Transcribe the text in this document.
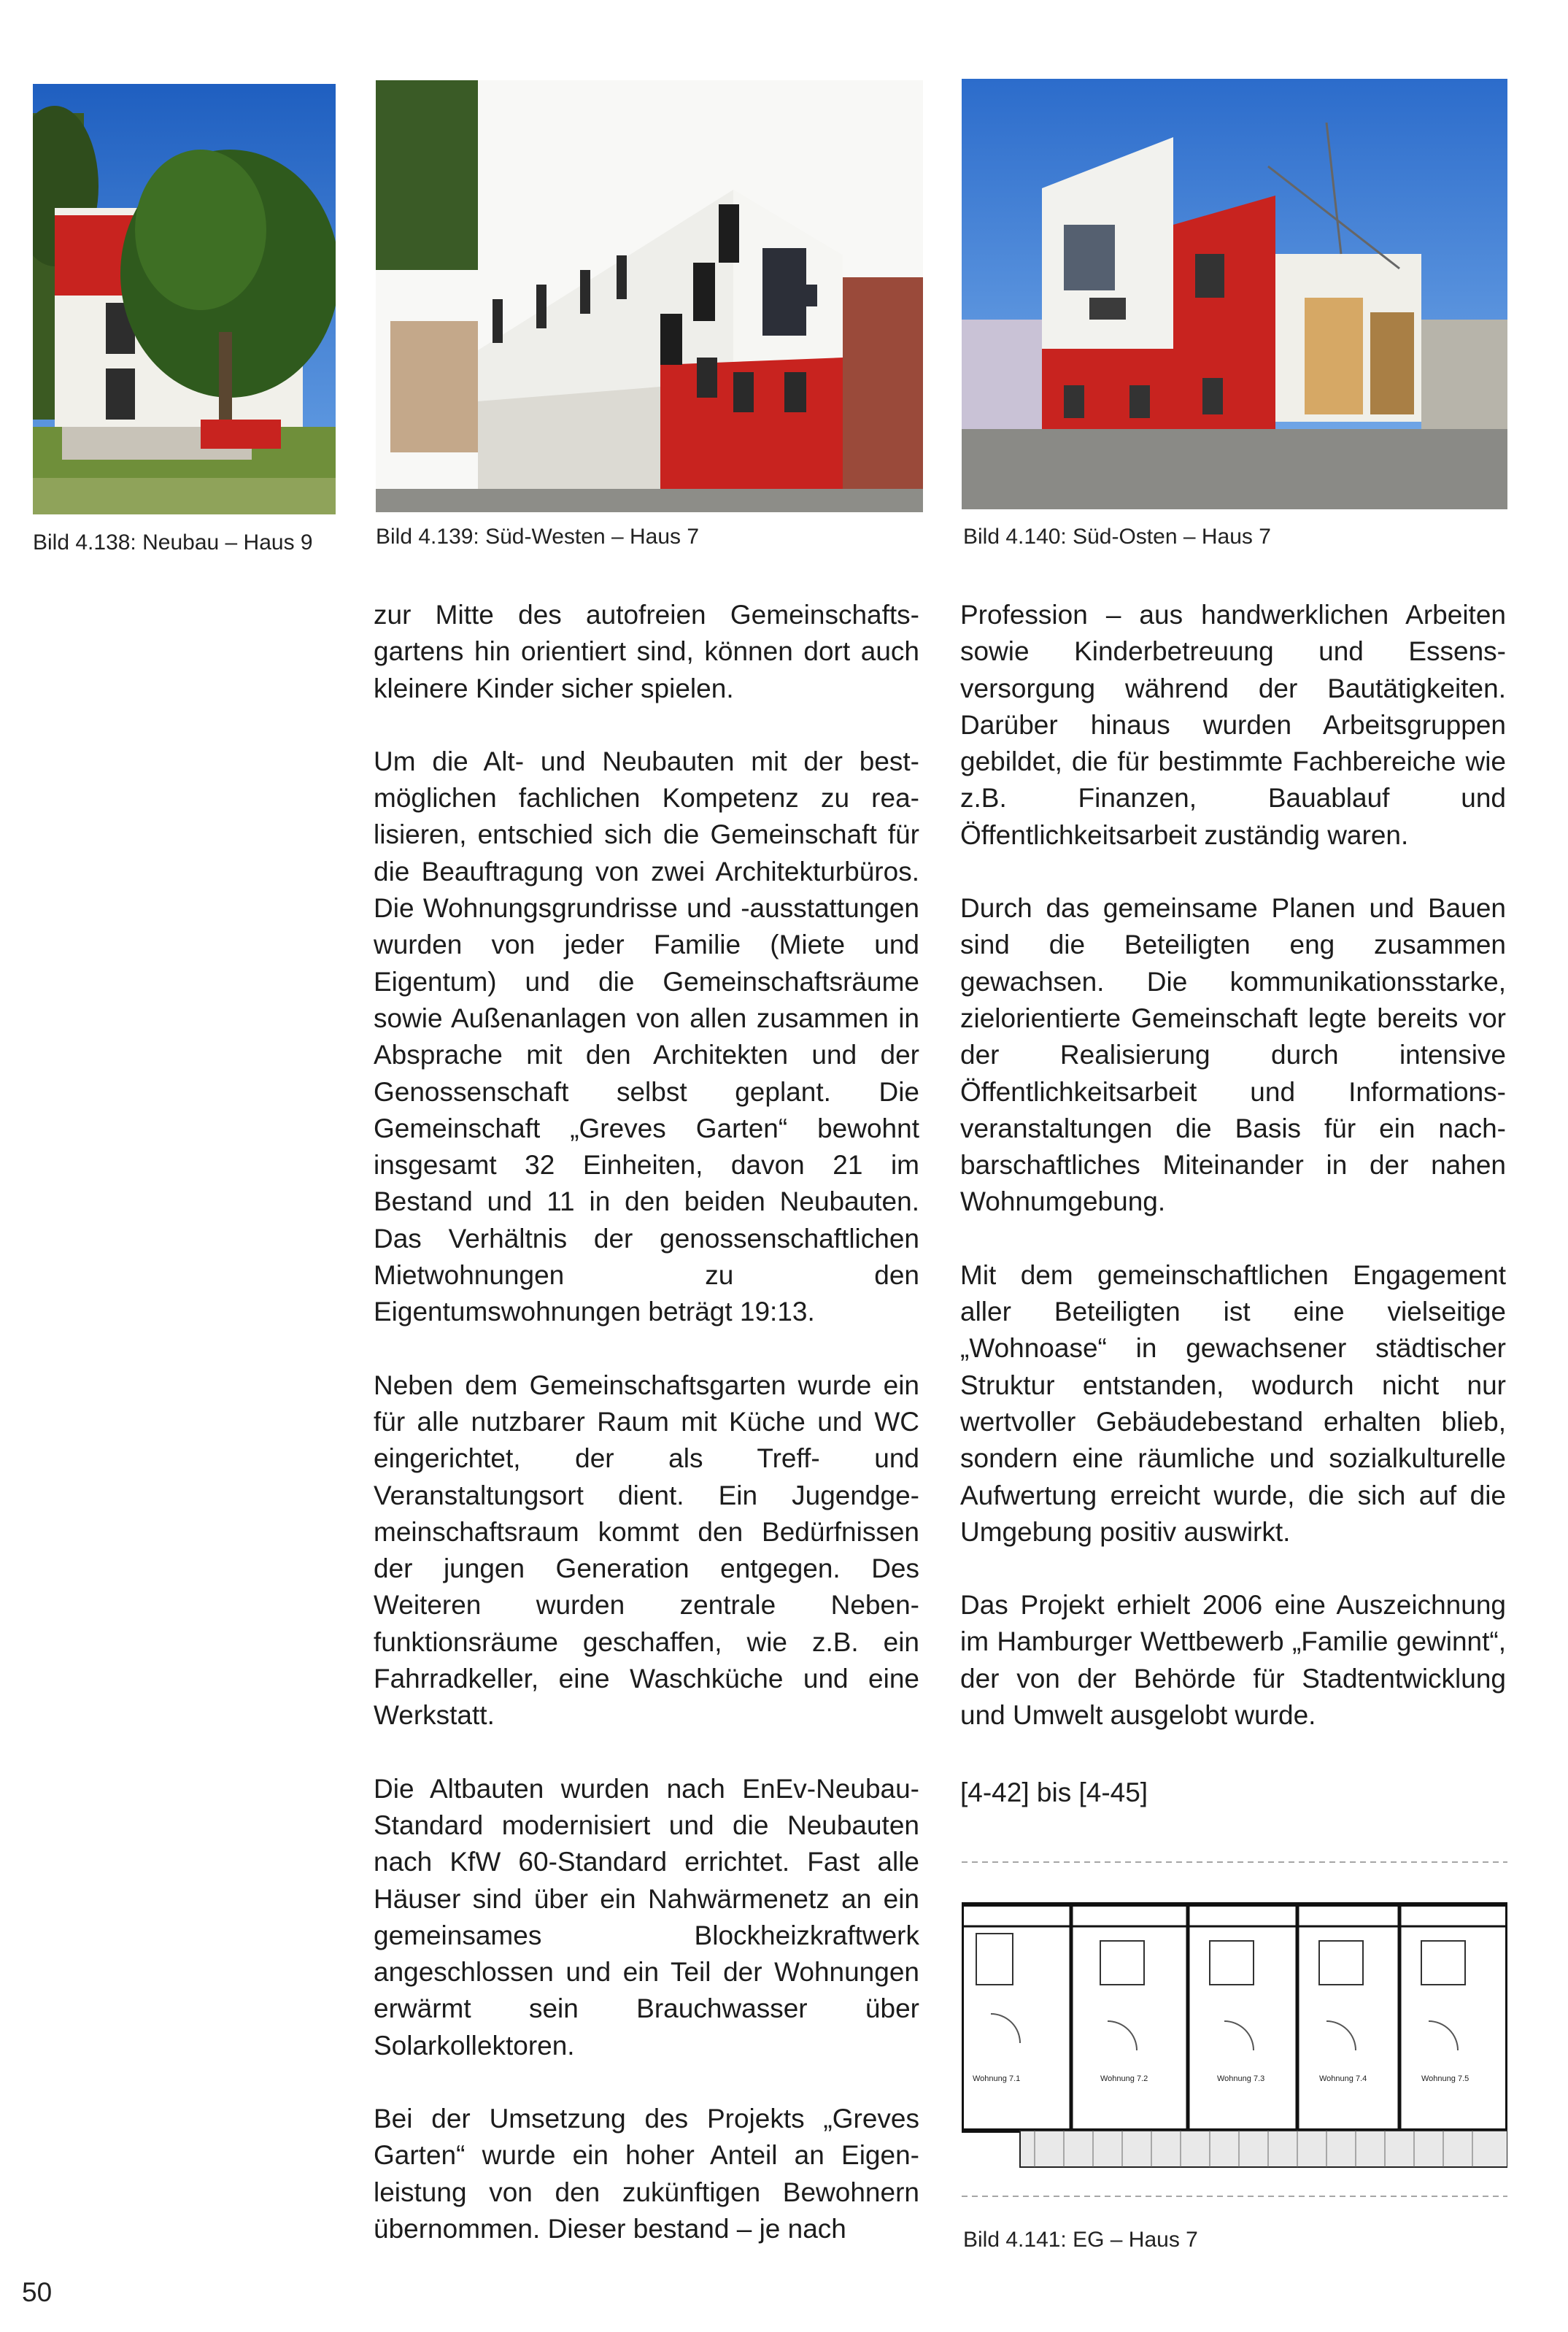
Bild 4.138: Neubau – Haus 9	Bild 4.139: Süd-Westen – Haus 7	Bild 4.140: Süd-Osten – Haus 7

zur Mitte des autofreien Gemeinschaftsgartens hin orientiert sind, können dort auch kleinere Kinder sicher spielen.

Um die Alt- und Neubauten mit der bestmöglichen fachlichen Kompetenz zu realisieren, entschied sich die Gemeinschaft für die Beauftragung von zwei Architekturbüros. Die Wohnungsgrundrisse und -ausstattungen wurden von jeder Familie (Miete und Eigentum) und die Gemeinschaftsräume sowie Außenanlagen von allen zusammen in Absprache mit den Architekten und der Genossenschaft selbst geplant. Die Gemeinschaft „Greves Garten“ bewohnt insgesamt 32 Einheiten, davon 21 im Bestand und 11 in den beiden Neubauten. Das Verhältnis der genossenschaftlichen Mietwohnungen zu den Eigentumswohnungen beträgt 19:13.

Neben dem Gemeinschaftsgarten wurde ein für alle nutzbarer Raum mit Küche und WC eingerichtet, der als Treff- und Veranstaltungsort dient. Ein Jugendgemeinschaftsraum kommt den Bedürfnissen der jungen Generation entgegen. Des Weiteren wurden zentrale Nebenfunktionsräume geschaffen, wie z.B. ein Fahrradkeller, eine Waschküche und eine Werkstatt.

Die Altbauten wurden nach EnEv-Neubau-Standard modernisiert und die Neubauten nach KfW 60-Standard errichtet. Fast alle Häuser sind über ein Nahwärmenetz an ein gemeinsames Blockheizkraftwerk angeschlossen und ein Teil der Wohnungen erwärmt sein Brauchwasser über Solarkollektoren.

Bei der Umsetzung des Projekts „Greves Garten“ wurde ein hoher Anteil an Eigenleistung von den zukünftigen Bewohnern übernommen. Dieser bestand – je nach

Profession – aus handwerklichen Arbeiten sowie Kinderbetreuung und Essensversorgung während der Bautätigkeiten. Darüber hinaus wurden Arbeitsgruppen gebildet, die für bestimmte Fachbereiche wie z.B. Finanzen, Bauablauf und Öffentlichkeitsarbeit zuständig waren.

Durch das gemeinsame Planen und Bauen sind die Beteiligten eng zusammen gewachsen. Die kommunikationsstarke, zielorientierte Gemeinschaft legte bereits vor der Realisierung durch intensive Öffentlichkeitsarbeit und Informationsveranstaltungen die Basis für ein nachbarschaftliches Miteinander in der nahen Wohnumgebung.

Mit dem gemeinschaftlichen Engagement aller Beteiligten ist eine vielseitige „Wohnoase“ in gewachsener städtischer Struktur entstanden, wodurch nicht nur wertvoller Gebäudebestand erhalten blieb, sondern eine räumliche und sozialkulturelle Aufwertung erreicht wurde, die sich auf die Umgebung positiv auswirkt.

Das Projekt erhielt 2006 eine Auszeichnung im Hamburger Wettbewerb „Familie gewinnt“, der von der Behörde für Stadtentwicklung und Umwelt ausgelobt wurde.

[4-42] bis [4-45]
Wohnung 7.1	Wohnung 7.2	Wohnung 7.3	Wohnung 7.4	Wohnung 7.5
Bild 4.141: EG – Haus 7
50
